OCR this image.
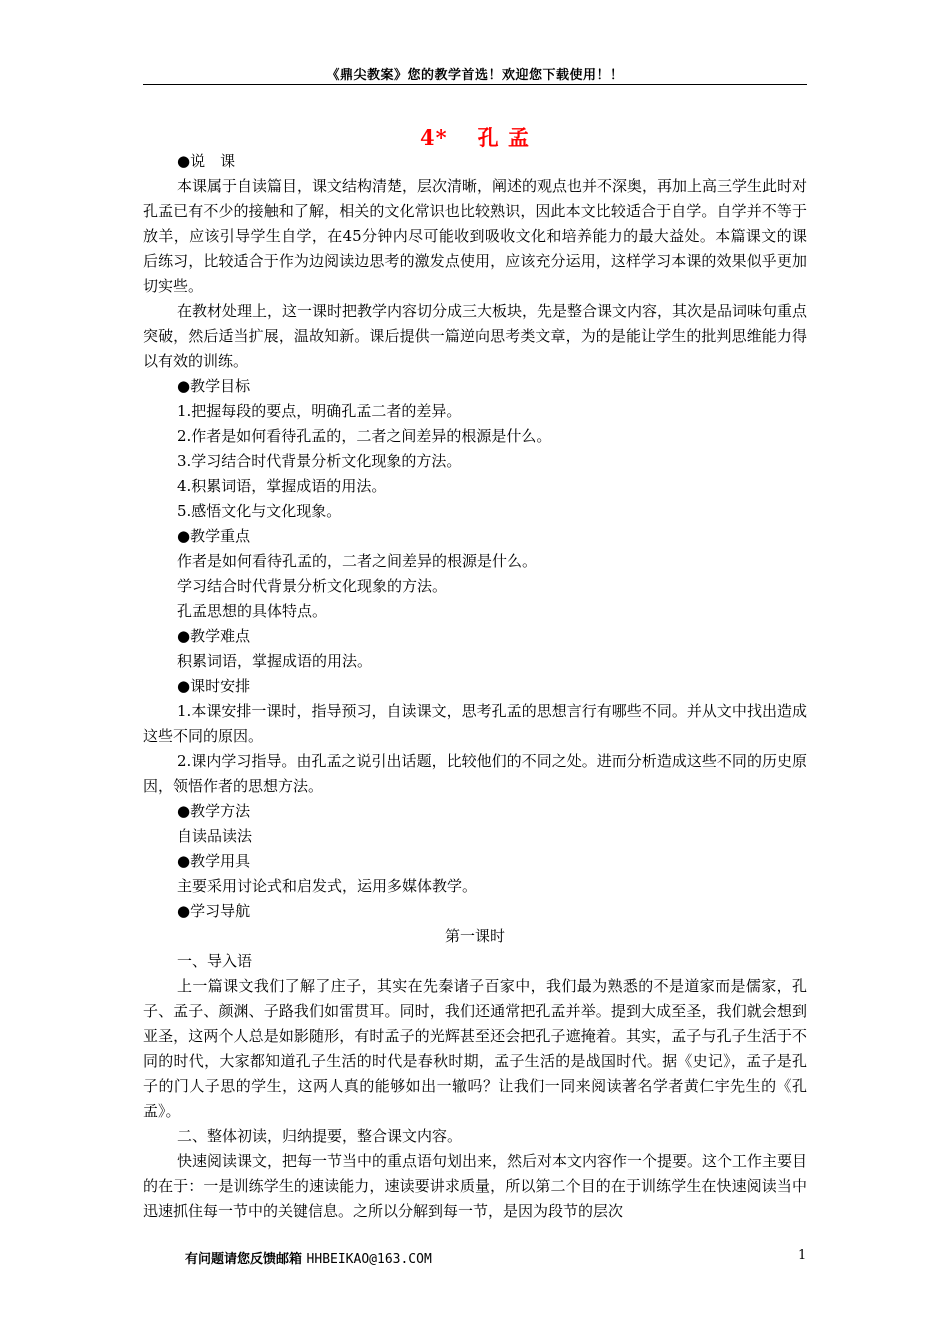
《鼎尖教案》您的教学首选！欢迎您下载使用！！
4* 孔 孟

●说　课

本课属于自读篇目，课文结构清楚，层次清晰，阐述的观点也并不深奥，再加上高三学生此时对孔孟已有不少的接触和了解，相关的文化常识也比较熟识，因此本文比较适合于自学。自学并不等于放羊，应该引导学生自学，在45分钟内尽可能收到吸收文化和培养能力的最大益处。本篇课文的课后练习，比较适合于作为边阅读边思考的激发点使用，应该充分运用，这样学习本课的效果似乎更加切实些。

在教材处理上，这一课时把教学内容切分成三大板块，先是整合课文内容，其次是品词味句重点突破，然后适当扩展，温故知新。课后提供一篇逆向思考类文章，为的是能让学生的批判思维能力得以有效的训练。

●教学目标

1.把握每段的要点，明确孔孟二者的差异。

2.作者是如何看待孔孟的，二者之间差异的根源是什么。

3.学习结合时代背景分析文化现象的方法。

4.积累词语，掌握成语的用法。

5.感悟文化与文化现象。

●教学重点

作者是如何看待孔孟的，二者之间差异的根源是什么。

学习结合时代背景分析文化现象的方法。

孔孟思想的具体特点。

●教学难点

积累词语，掌握成语的用法。

●课时安排

1.本课安排一课时，指导预习，自读课文，思考孔孟的思想言行有哪些不同。并从文中找出造成这些不同的原因。

2.课内学习指导。由孔孟之说引出话题，比较他们的不同之处。进而分析造成这些不同的历史原因，领悟作者的思想方法。

●教学方法

自读品读法

●教学用具

主要采用讨论式和启发式，运用多媒体教学。

●学习导航

第一课时

一、导入语

上一篇课文我们了解了庄子，其实在先秦诸子百家中，我们最为熟悉的不是道家而是儒家，孔子、孟子、颜渊、子路我们如雷贯耳。同时，我们还通常把孔孟并举。提到大成至圣，我们就会想到亚圣，这两个人总是如影随形，有时孟子的光辉甚至还会把孔子遮掩着。其实，孟子与孔子生活于不同的时代，大家都知道孔子生活的时代是春秋时期，孟子生活的是战国时代。据《史记》，孟子是孔子的门人子思的学生，这两人真的能够如出一辙吗？让我们一同来阅读著名学者黄仁宇先生的《孔孟》。

二、整体初读，归纳提要，整合课文内容。

快速阅读课文，把每一节当中的重点语句划出来，然后对本文内容作一个提要。这个工作主要目的在于：一是训练学生的速读能力，速读要讲求质量，所以第二个目的在于训练学生在快速阅读当中迅速抓住每一节中的关键信息。之所以分解到每一节，是因为段节的层次

有问题请您反馈邮箱 HHBEIKAO@163.COM	1
